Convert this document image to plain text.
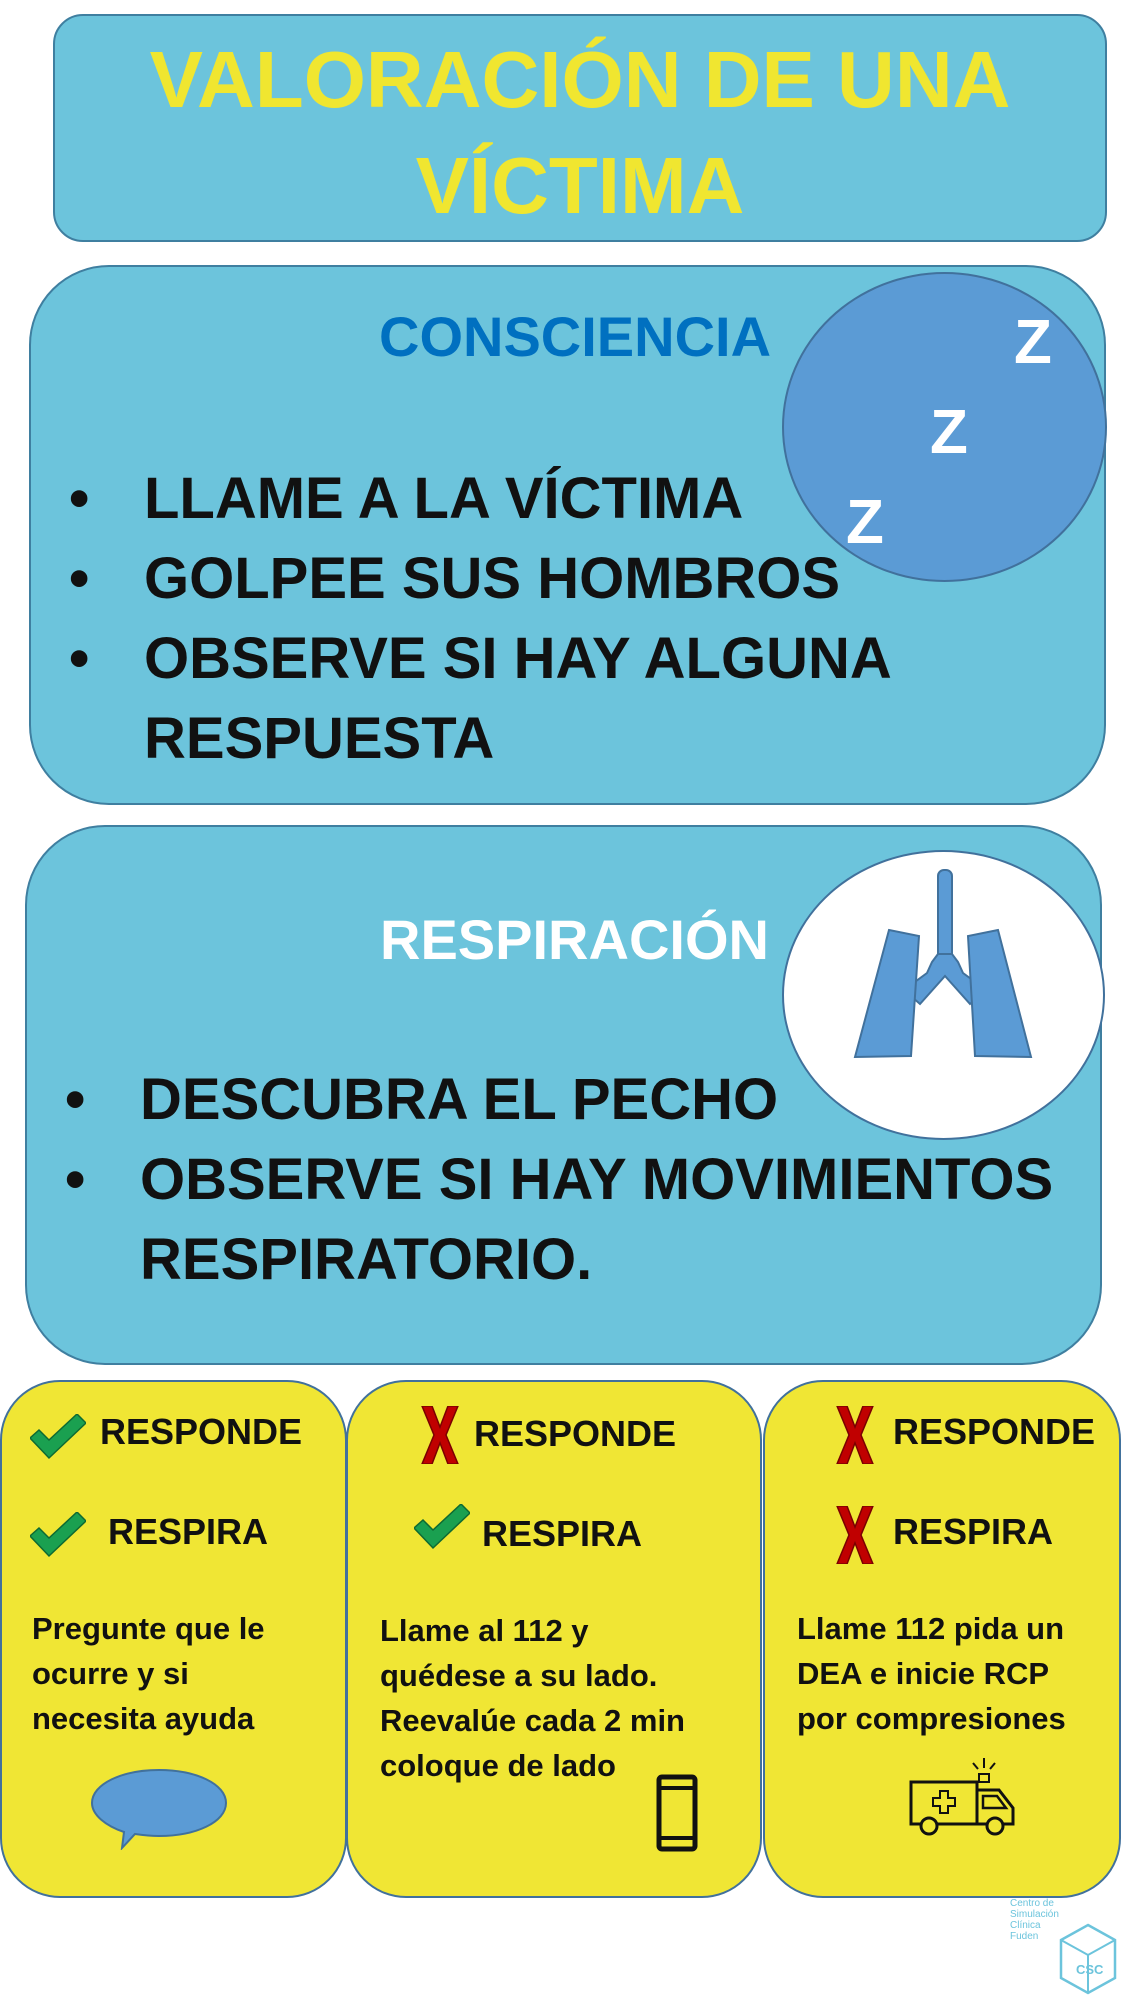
VALORACIÓN DE UNA
VÍCTIMA
CONSCIENCIA
• LLAME A LA VÍCTIMA
• GOLPEE SUS HOMBROS
• OBSERVE SI HAY ALGUNA
RESPUESTA
Z
Z
Z
RESPIRACIÓN
• DESCUBRA EL PECHO
• OBSERVE SI HAY MOVIMIENTOS
RESPIRATORIO.
RESPONDE
RESPIRA
Pregunte que le
ocurre y si
necesita ayuda
RESPONDE
RESPIRA
Llame al 112 y
quédese a su lado.
Reevalúe cada 2 min
coloque de lado
RESPONDE
RESPIRA
Llame 112 pida un
DEA e inicie RCP
por compresiones
Centro de
Simulación
Clínica
Fuden
CSC
